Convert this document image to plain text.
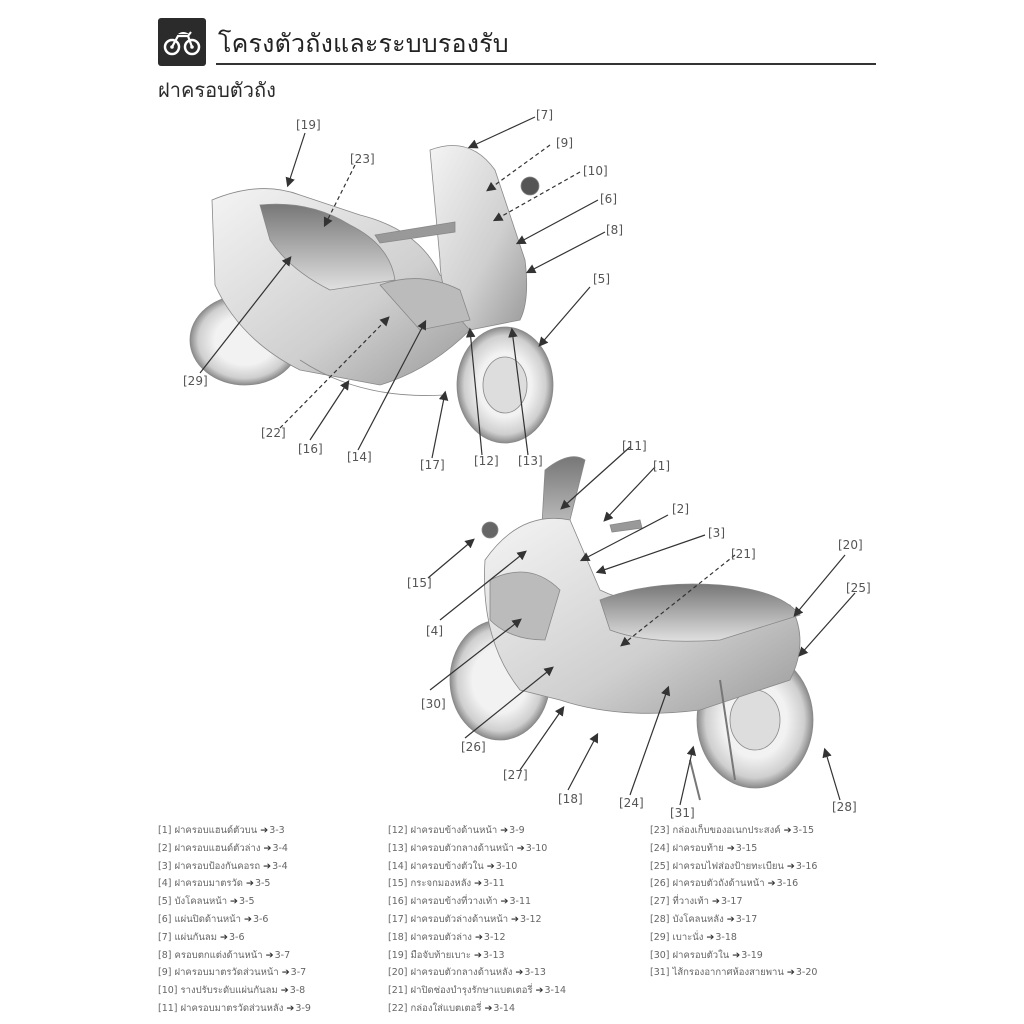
โครงตัวถังและระบบรองรับ
ฝาครอบตัวถัง
[19]
[23]
[7]
[9]
[10]
[6]
[8]
[5]
[29]
[22]
[16]
[14]
[17] [12] [13]
[11]
[1]
[2]
[3]
[21]
[20]
[25]
[15]
[4]
[30]
[26]
[27]
[18]	[24]
[31]	[28]
[1] ฝาครอบแฮนด์ตัวบน ➔3-3
[2] ฝาครอบแฮนด์ตัวล่าง ➔3-4
[3] ฝาครอบป้องกันคอรถ ➔3-4
[4] ฝาครอบมาตรวัด ➔3-5
[5] บังโคลนหน้า ➔3-5
[6] แผ่นปิดด้านหน้า ➔3-6
[7] แผ่นกันลม ➔3-6
[8] ครอบตกแต่งด้านหน้า ➔3-7
[9] ฝาครอบมาตรวัดส่วนหน้า ➔3-7
[10] รางปรับระดับแผ่นกันลม ➔3-8
[11] ฝาครอบมาตรวัดส่วนหลัง ➔3-9
[12] ฝาครอบข้างด้านหน้า ➔3-9
[13] ฝาครอบตัวกลางด้านหน้า ➔3-10
[14] ฝาครอบข้างตัวใน ➔3-10
[15] กระจกมองหลัง ➔3-11
[16] ฝาครอบข้างที่วางเท้า ➔3-11
[17] ฝาครอบตัวล่างด้านหน้า ➔3-12
[18] ฝาครอบตัวล่าง ➔3-12
[19] มือจับท้ายเบาะ ➔3-13
[20] ฝาครอบตัวกลางด้านหลัง ➔3-13
[21] ฝาปิดช่องบำรุงรักษาแบตเตอรี่ ➔3-14
[22] กล่องใส่แบตเตอรี่ ➔3-14
[23] กล่องเก็บของอเนกประสงค์ ➔3-15
[24] ฝาครอบท้าย ➔3-15
[25] ฝาครอบไฟส่องป้ายทะเบียน ➔3-16
[26] ฝาครอบตัวถังด้านหน้า ➔3-16
[27] ที่วางเท้า ➔3-17
[28] บังโคลนหลัง ➔3-17
[29] เบาะนั่ง ➔3-18
[30] ฝาครอบตัวใน ➔3-19
[31] ไส้กรองอากาศห้องสายพาน ➔3-20
